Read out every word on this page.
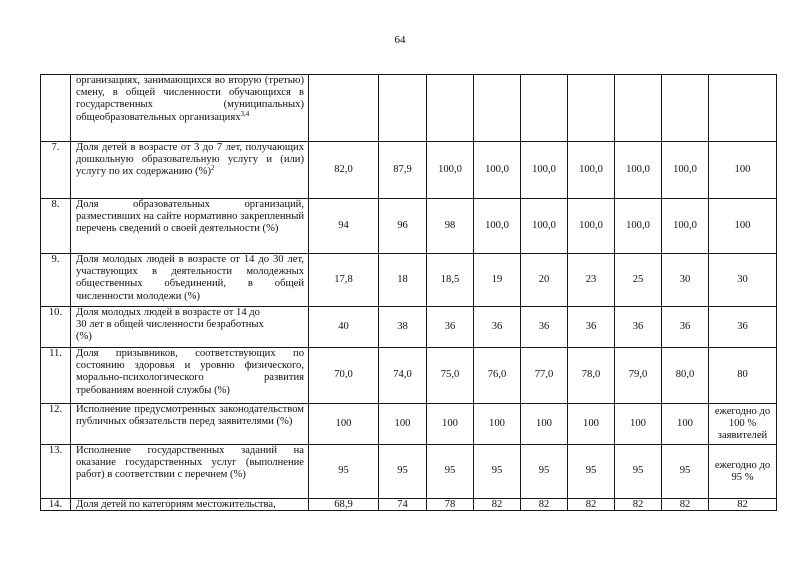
64
	организациях, занимающихся во вторую (третью) смену, в общей численности обучающихся в государственных (муниципальных) общеобразовательных организациях$^{3,4}$									
7.	Доля детей в возрасте от 3 до 7 лет, получающих дошкольную образовательную услугу и (или) услугу по их содержанию (%)$^2$	82,0	87,9	100,0	100,0	100,0	100,0	100,0	100,0	100
8.	Доля образовательных организаций, разместивших на сайте нормативно закрепленный перечень сведений о своей деятельности (%)	94	96	98	100,0	100,0	100,0	100,0	100,0	100
9.	Доля молодых людей в возрасте от 14 до 30 лет, участвующих в деятельности молодежных общественных объединений, в общей численности молодежи (%)	17,8	18	18,5	19	20	23	25	30	30
10.	Доля молодых людей в возрасте от 14 до
30 лет в общей численности безработных
(%)	40	38	36	36	36	36	36	36	36
11.	Доля призывников, соответствующих по состоянию здоровья и уровню физического, морально-психологического развития требованиям военной службы (%)	70,0	74,0	75,0	76,0	77,0	78,0	79,0	80,0	80
12.	Исполнение предусмотренных законодательством публичных обязательств перед заявителями (%)	100	100	100	100	100	100	100	100	ежегодно до 100 % заявителей
13.	Исполнение государственных заданий на оказание государственных услуг (выполнение работ) в соответствии с перечнем (%)	95	95	95	95	95	95	95	95	ежегодно до 95 %
14.	Доля детей по категориям местожительства,	68,9	74	78	82	82	82	82	82	82
